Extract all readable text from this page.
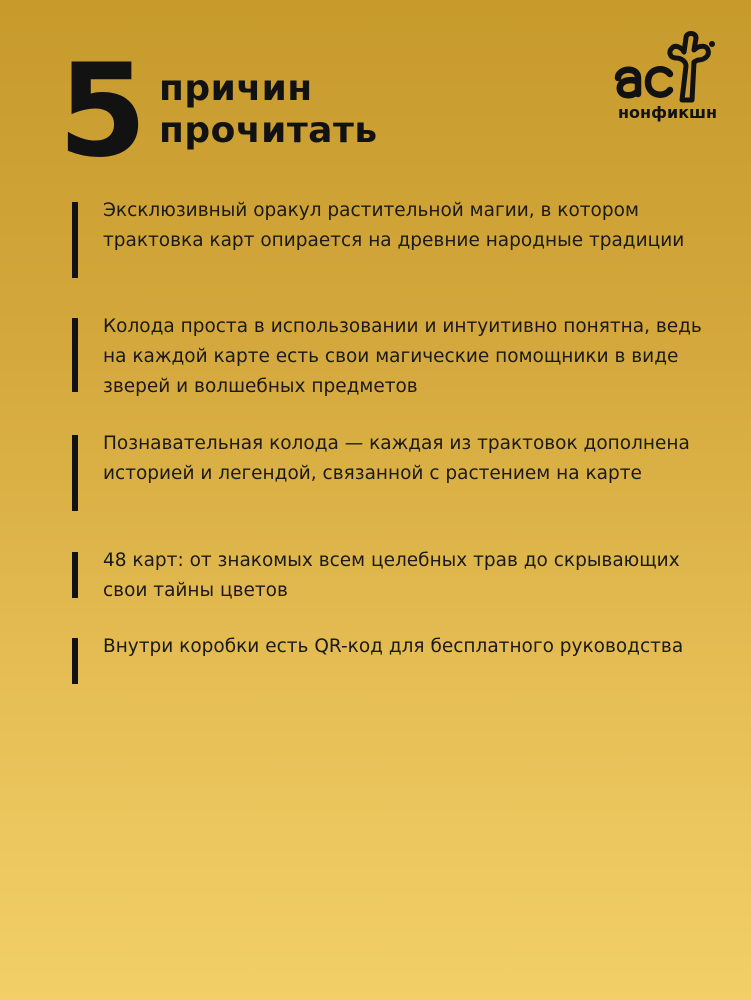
5 причин
прочитать	нонфикшн
Эксклюзивный оракул растительной магии, в котором трактовка карт опирается на древние народные традиции
Колода проста в использовании и интуитивно понятна, ведь на каждой карте есть свои магические помощники в виде зверей и волшебных предметов
Познавательная колода — каждая из трактовок дополнена историей и легендой, связанной с растением на карте
48 карт: от знакомых всем целебных трав до скрывающих свои тайны цветов
Внутри коробки есть QR-код для бесплатного руководства
